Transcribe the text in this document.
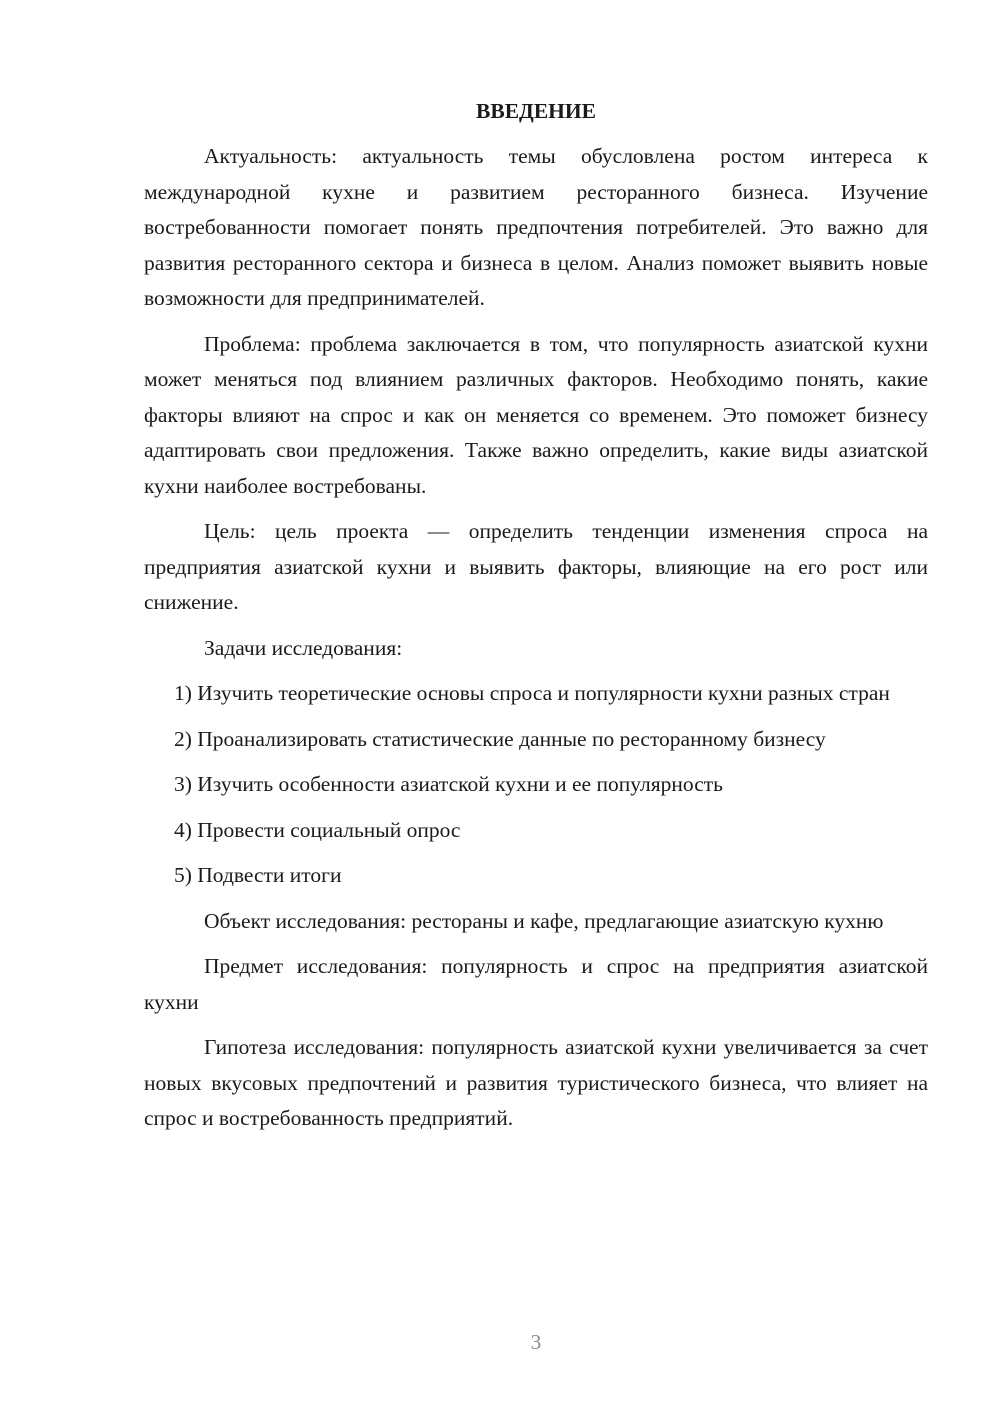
ВВЕДЕНИЕ

Актуальность: актуальность темы обусловлена ростом интереса к международной кухне и развитием ресторанного бизнеса. Изучение востребованности помогает понять предпочтения потребителей. Это важно для развития ресторанного сектора и бизнеса в целом. Анализ поможет выявить новые возможности для предпринимателей.

Проблема: проблема заключается в том, что популярность азиатской кухни может меняться под влиянием различных факторов. Необходимо понять, какие факторы влияют на спрос и как он меняется со временем. Это поможет бизнесу адаптировать свои предложения. Также важно определить, какие виды азиатской кухни наиболее востребованы.

Цель: цель проекта — определить тенденции изменения спроса на предприятия азиатской кухни и выявить факторы, влияющие на его рост или снижение.

Задачи исследования:

1) Изучить теоретические основы спроса и популярности кухни разных стран

2) Проанализировать статистические данные по ресторанному бизнесу

3) Изучить особенности азиатской кухни и ее популярность

4) Провести социальный опрос

5) Подвести итоги

Объект исследования: рестораны и кафе, предлагающие азиатскую кухню

Предмет исследования: популярность и спрос на предприятия азиатской кухни

Гипотеза исследования: популярность азиатской кухни увеличивается за счет новых вкусовых предпочтений и развития туристического бизнеса, что влияет на спрос и востребованность предприятий.

3
